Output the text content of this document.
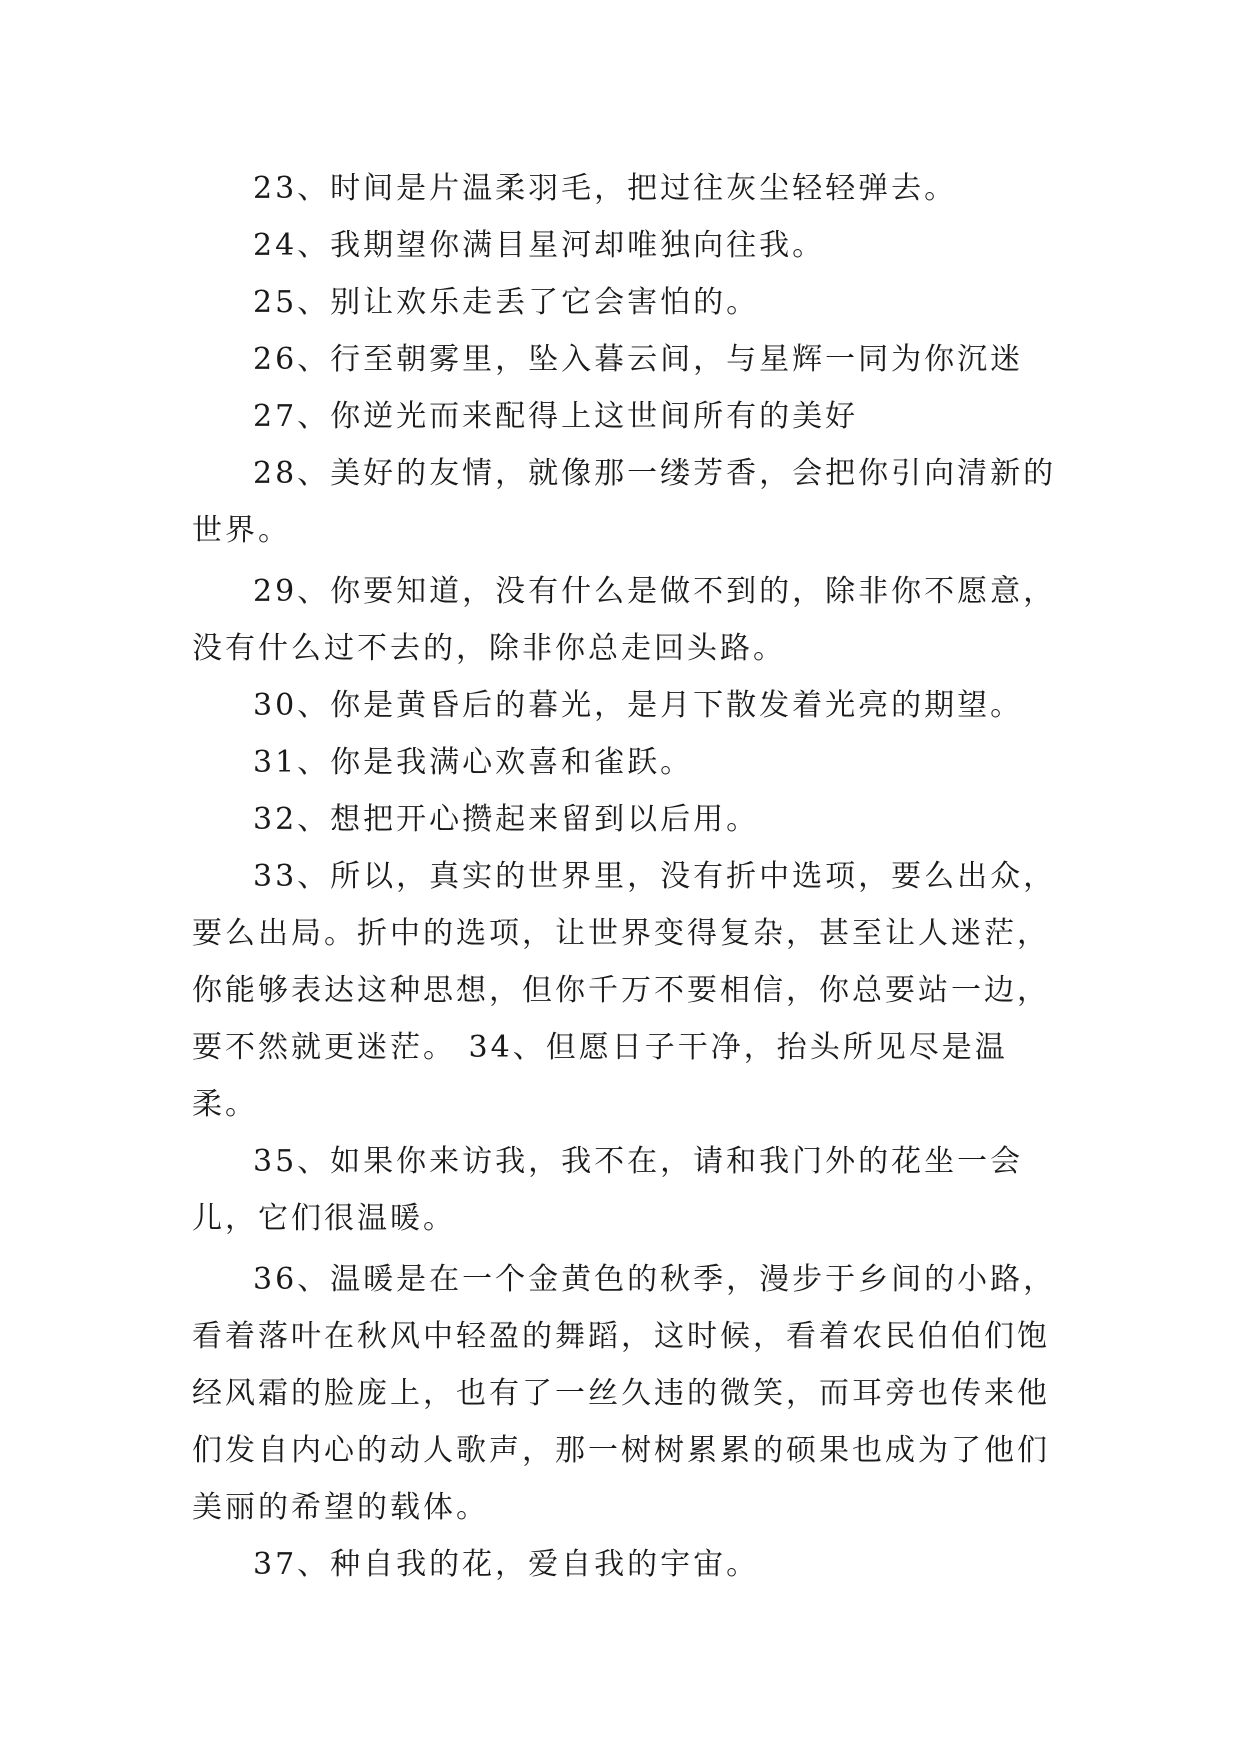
23、时间是片温柔羽毛，把过往灰尘轻轻弹去。

24、我期望你满目星河却唯独向往我。

25、别让欢乐走丢了它会害怕的。

26、行至朝雾里，坠入暮云间，与星辉一同为你沉迷

27、你逆光而来配得上这世间所有的美好

28、美好的友情，就像那一缕芳香，会把你引向清新的世界。

29、你要知道，没有什么是做不到的，除非你不愿意，没有什么过不去的，除非你总走回头路。

30、你是黄昏后的暮光，是月下散发着光亮的期望。

31、你是我满心欢喜和雀跃。

32、想把开心攒起来留到以后用。

33、所以，真实的世界里，没有折中选项，要么出众，要么出局。折中的选项，让世界变得复杂，甚至让人迷茫，你能够表达这种思想，但你千万不要相信，你总要站一边，要不然就更迷茫。 34、但愿日子干净，抬头所见尽是温柔。

35、如果你来访我，我不在，请和我门外的花坐一会儿，它们很温暖。

36、温暖是在一个金黄色的秋季，漫步于乡间的小路，看着落叶在秋风中轻盈的舞蹈，这时候，看着农民伯伯们饱经风霜的脸庞上，也有了一丝久违的微笑，而耳旁也传来他们发自内心的动人歌声，那一树树累累的硕果也成为了他们美丽的希望的载体。

37、种自我的花，爱自我的宇宙。
